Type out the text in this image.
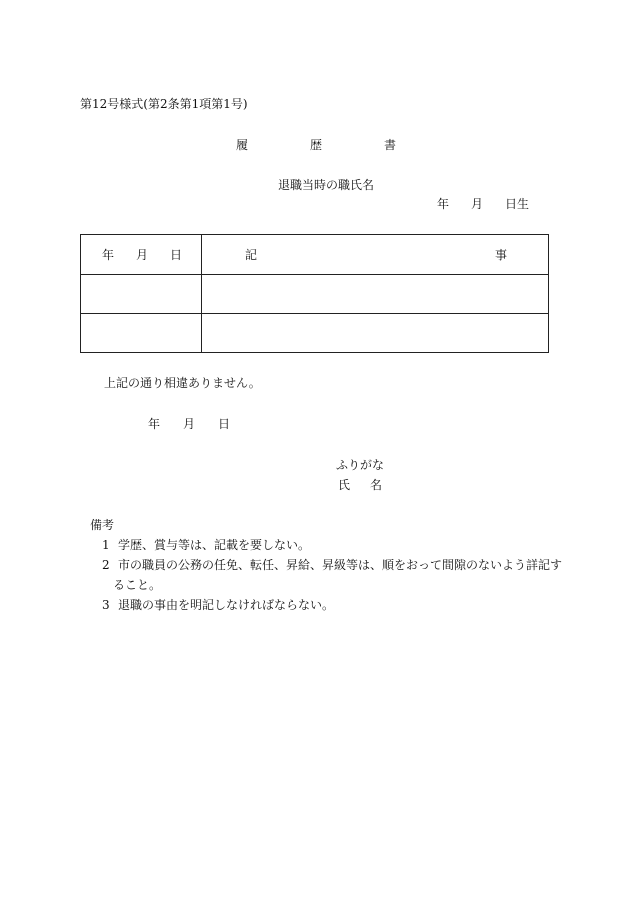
第12号様式(第2条第1項第1号)
履	歴	書
退職当時の職氏名
年 月 日生
年 月 日	記 事

上記の通り相違ありません。
年 月 日
ふりがな
氏 名
備考
1 学歴、賞与等は、記載を要しない。
2 市の職員の公務の任免、転任、昇給、昇級等は、順をおって間隙のないよう詳記す
ること。
3 退職の事由を明記しなければならない。
